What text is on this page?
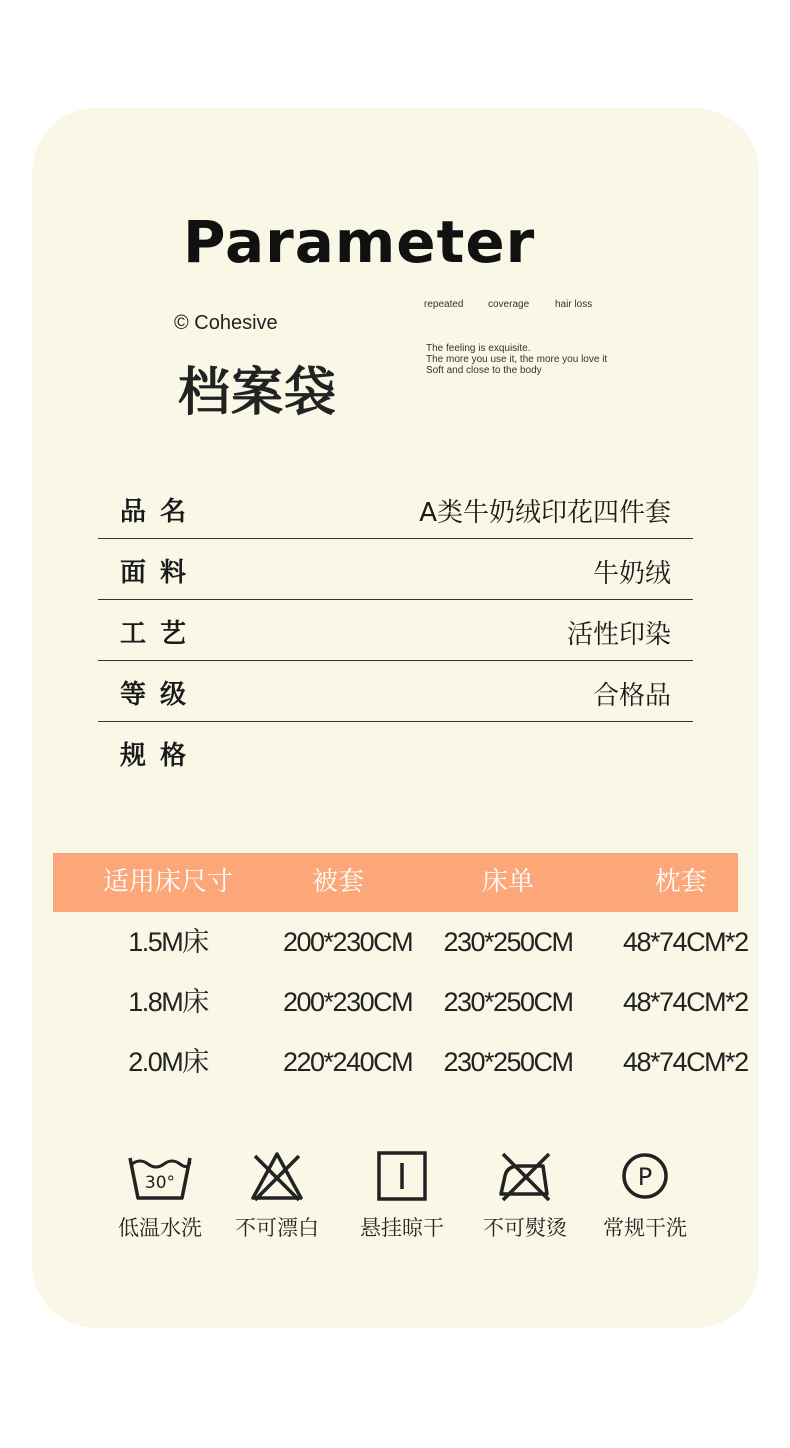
Parameter
© Cohesive
档案袋
repeated coverage	hair loss
The feeling is exquisite.
The more you use it, the more you love it
Soft and close to the body
品名	A类牛奶绒印花四件套
面料	牛奶绒
工艺	活性印染
等级	合格品
规格
适用床尺寸	被套	床单	枕套
1.5M床	200*230CM	230*250CM	48*74CM*2
1.8M床	200*230CM	230*250CM	48*74CM*2
2.0M床	220*240CM	230*250CM	48*74CM*2
30°
低温水洗	不可漂白	悬挂晾干	不可熨烫
P
常规干洗
